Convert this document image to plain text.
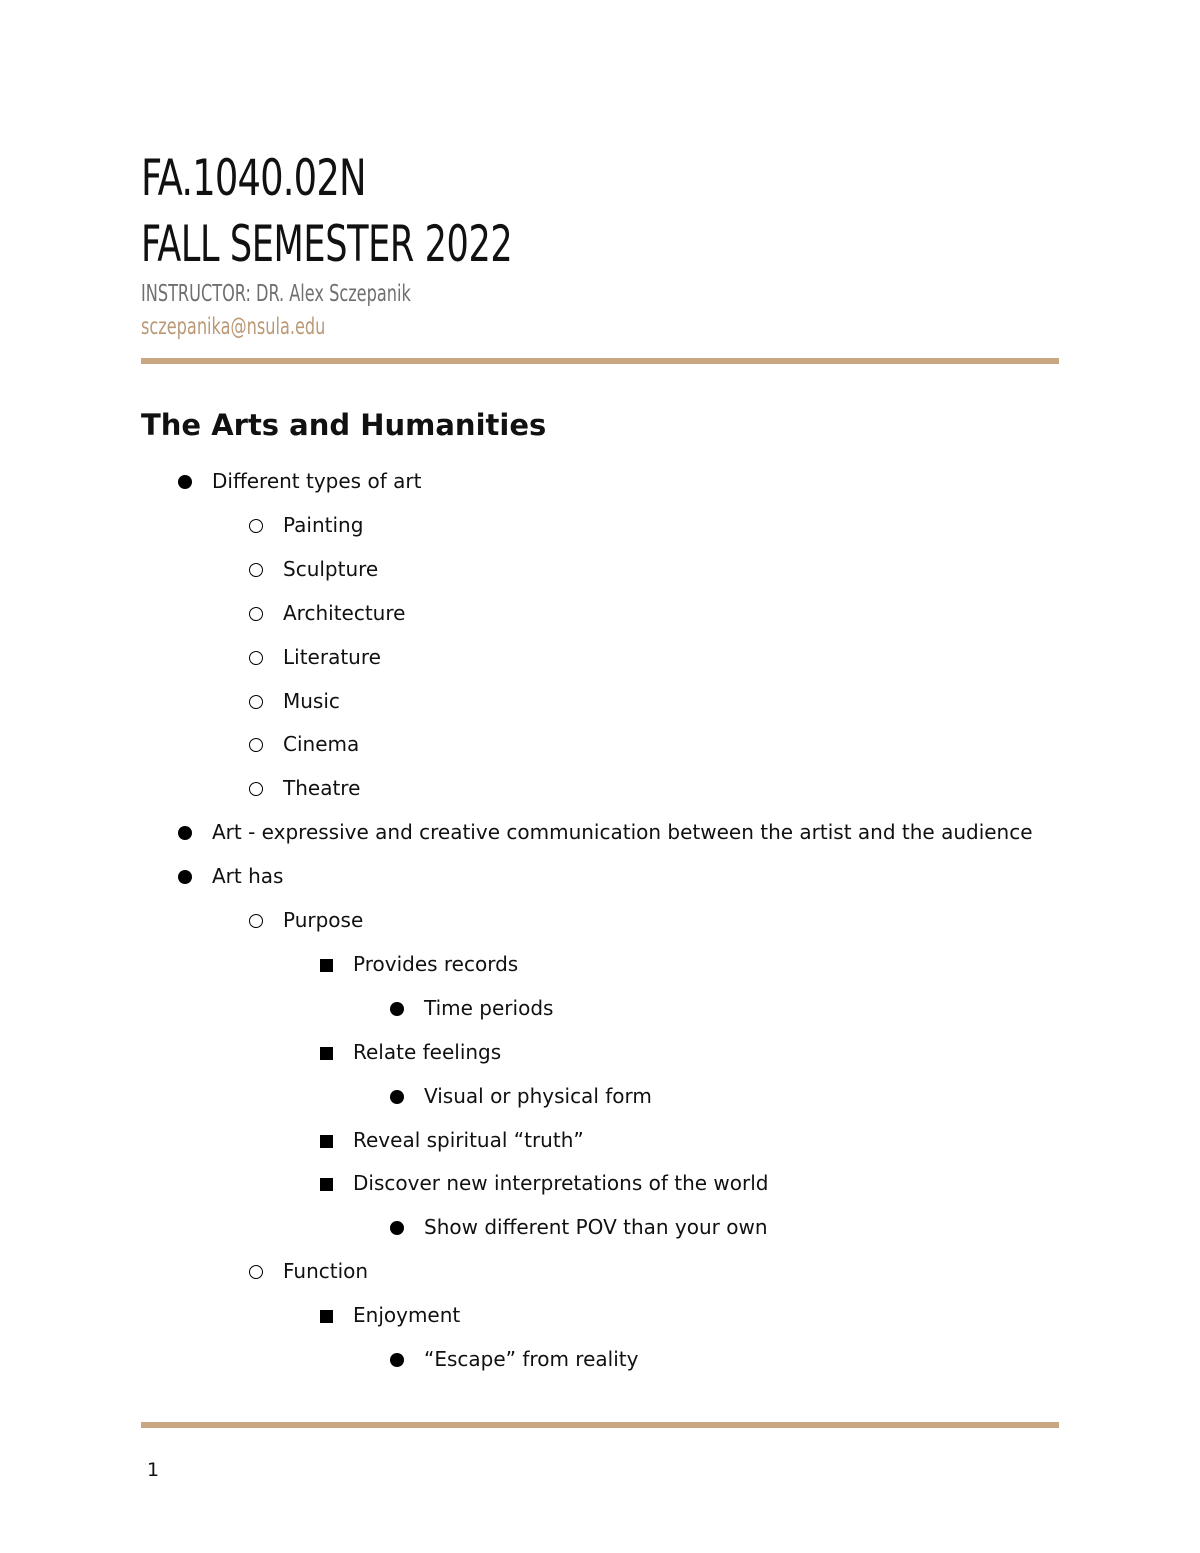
FA.1040.02N
FALL SEMESTER 2022
INSTRUCTOR: DR. Alex Sczepanik
sczepanika@nsula.edu
The Arts and Humanities
Different types of art
Painting
Sculpture
Architecture
Literature
Music
Cinema
Theatre
Art - expressive and creative communication between the artist and the audience
Art has
Purpose
Provides records
Time periods
Relate feelings
Visual or physical form
Reveal spiritual “truth”
Discover new interpretations of the world
Show different POV than your own
Function
Enjoyment
“Escape” from reality
1
